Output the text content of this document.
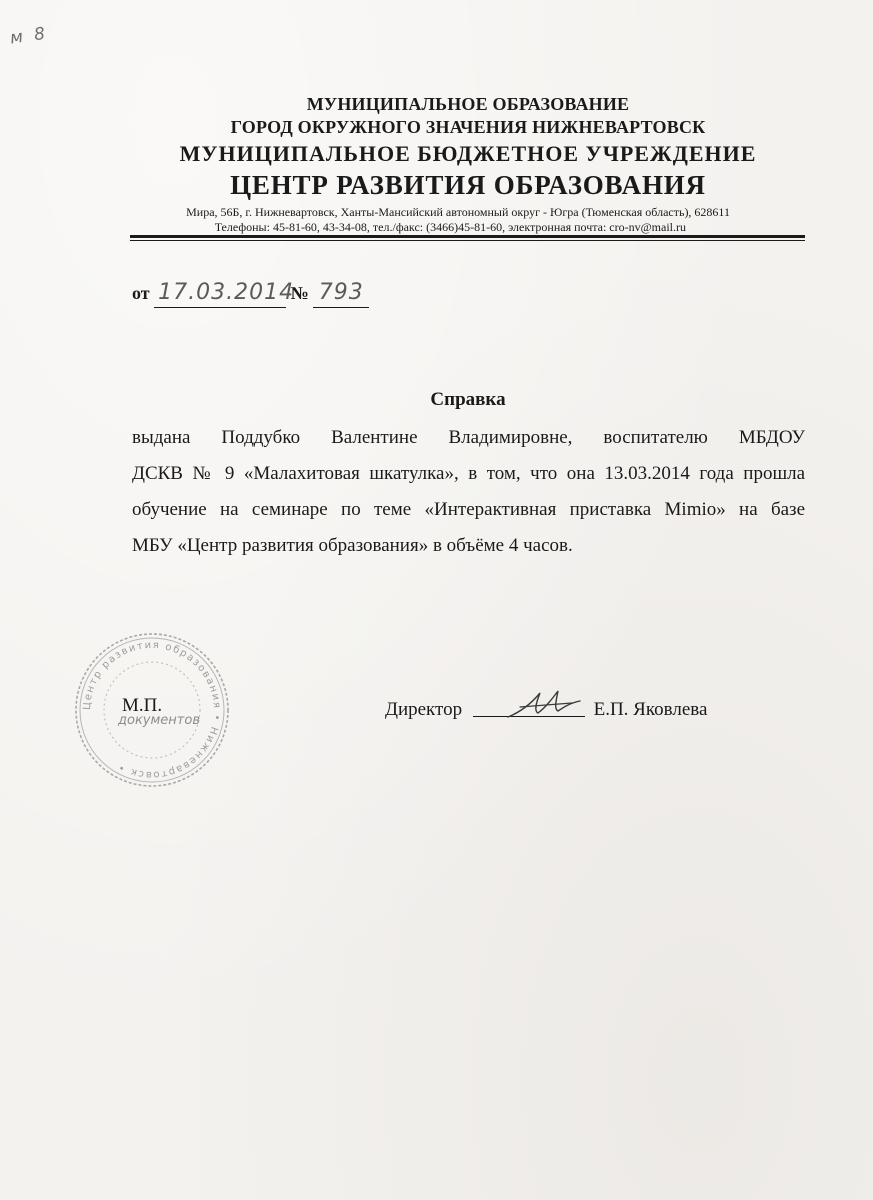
м 8
МУНИЦИПАЛЬНОЕ ОБРАЗОВАНИЕ
ГОРОД ОКРУЖНОГО ЗНАЧЕНИЯ НИЖНЕВАРТОВСК
МУНИЦИПАЛЬНОЕ БЮДЖЕТНОЕ УЧРЕЖДЕНИЕ
ЦЕНТР РАЗВИТИЯ ОБРАЗОВАНИЯ
Мира, 56Б, г. Нижневартовск, Ханты-Мансийский автономный округ - Югра (Тюменская область), 628611
Телефоны: 45-81-60, 43-34-08, тел./факс: (3466)45-81-60, электронная почта: cro-nv@mail.ru
от 17.03.2014 № 793
Справка
выдана Поддубко Валентине Владимировне, воспитателю МБДОУ
ДСКВ № 9 «Малахитовая шкатулка», в том, что она 13.03.2014 года прошла
обучение на семинаре по теме «Интерактивная приставка Mimio» на базе
МБУ «Центр развития образования» в объёме 4 часов.
Центр развития образования • Нижневартовск •
М.П.
документов
Директор	Е.П. Яковлева
